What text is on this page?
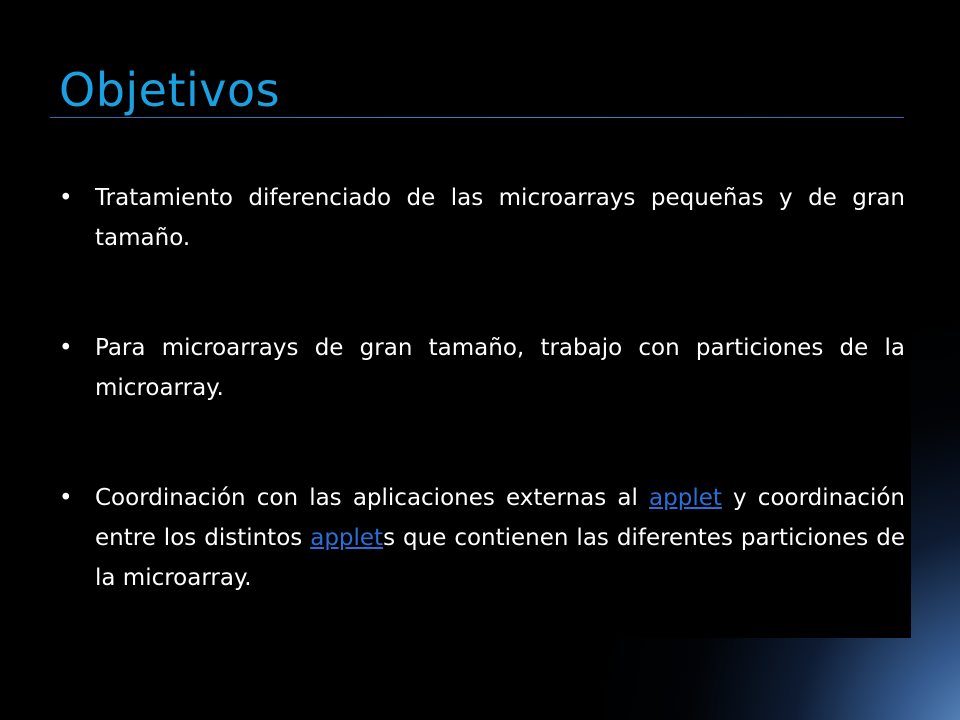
Objetivos
• Tratamiento diferenciado de las microarrays pequeñas y de gran tamaño.
• Para microarrays de gran tamaño, trabajo con particiones de la microarray.
• Coordinación con las aplicaciones externas al applet y coordinación entre los distintos applets que contienen las diferentes particiones de la microarray.
